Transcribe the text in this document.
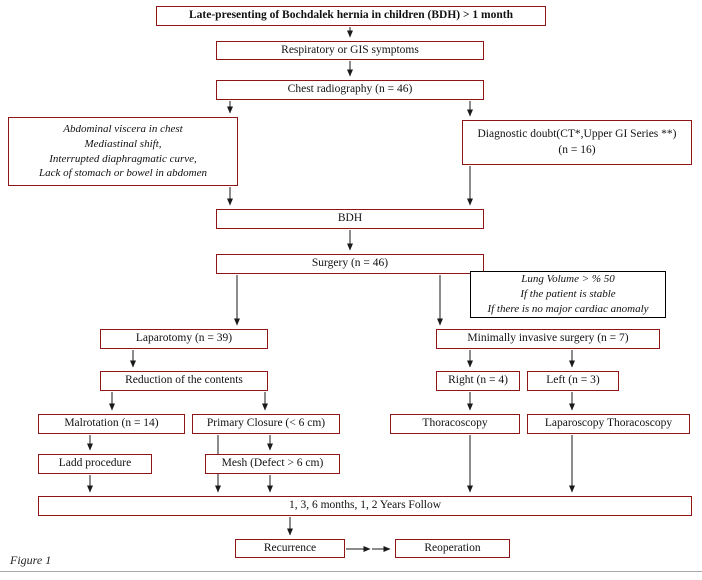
Late-presenting of Bochdalek hernia in children (BDH) > 1 month
Respiratory or GIS symptoms
Chest radiography (n = 46)
Abdominal viscera in chest
Mediastinal shift,
Interrupted diaphragmatic curve,
Lack of stomach or bowel in abdomen
Diagnostic doubt(CT*,Upper GI Series **)
(n = 16)
BDH
Surgery (n = 46)
Lung Volume > % 50
If the patient is stable
If there is no major cardiac anomaly
Laparotomy (n = 39)	Minimally invasive surgery (n = 7)
Reduction of the contents	Right (n = 4)	Left (n = 3)
Malrotation (n = 14)	Primary Closure (< 6 cm)	Thoracoscopy	Laparoscopy Thoracoscopy
Ladd procedure	Mesh (Defect > 6 cm)
1, 3, 6 months, 1, 2 Years Follow
Recurrence	Reoperation
Figure 1
